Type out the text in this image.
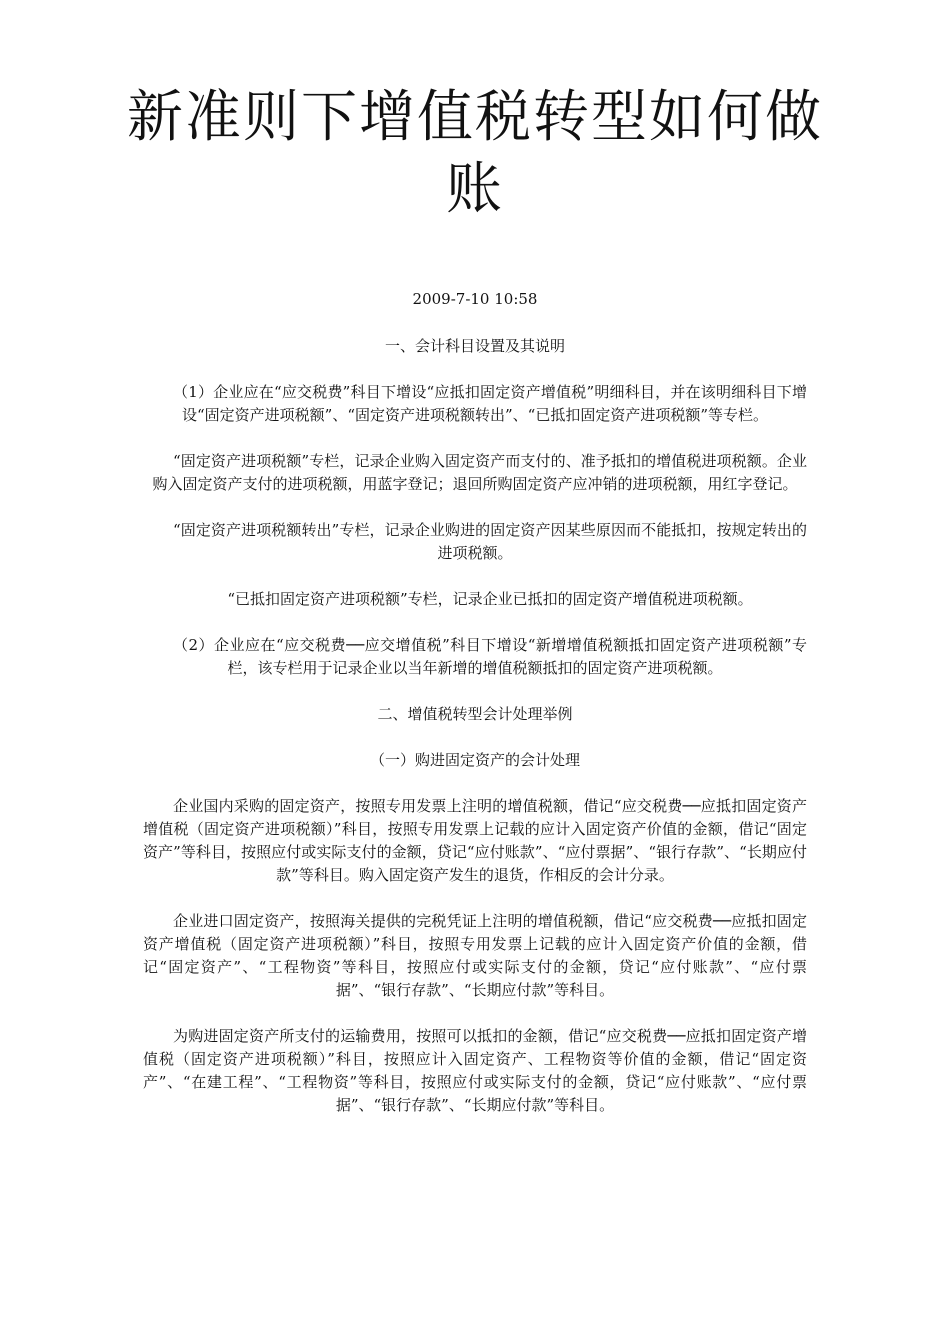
新准则下增值税转型如何做账

2009-7-10 10:58

一、会计科目设置及其说明

（1）企业应在“应交税费”科目下增设“应抵扣固定资产增值税”明细科目，并在该明细科目下增设“固定资产进项税额”、“固定资产进项税额转出”、“已抵扣固定资产进项税额”等专栏。

“固定资产进项税额”专栏，记录企业购入固定资产而支付的、准予抵扣的增值税进项税额。企业购入固定资产支付的进项税额，用蓝字登记；退回所购固定资产应冲销的进项税额，用红字登记。

“固定资产进项税额转出”专栏，记录企业购进的固定资产因某些原因而不能抵扣，按规定转出的进项税额。

“已抵扣固定资产进项税额”专栏，记录企业已抵扣的固定资产增值税进项税额。

（2）企业应在“应交税费──应交增值税”科目下增设“新增增值税额抵扣固定资产进项税额”专栏，该专栏用于记录企业以当年新增的增值税额抵扣的固定资产进项税额。

二、增值税转型会计处理举例

（一）购进固定资产的会计处理

企业国内采购的固定资产，按照专用发票上注明的增值税额，借记“应交税费──应抵扣固定资产增值税（固定资产进项税额）”科目，按照专用发票上记载的应计入固定资产价值的金额，借记“固定资产”等科目，按照应付或实际支付的金额，贷记“应付账款”、“应付票据”、“银行存款”、“长期应付款”等科目。购入固定资产发生的退货，作相反的会计分录。

企业进口固定资产，按照海关提供的完税凭证上注明的增值税额，借记“应交税费──应抵扣固定资产增值税（固定资产进项税额）”科目，按照专用发票上记载的应计入固定资产价值的金额，借记“固定资产”、“工程物资”等科目，按照应付或实际支付的金额，贷记“应付账款”、“应付票据”、“银行存款”、“长期应付款”等科目。

为购进固定资产所支付的运输费用，按照可以抵扣的金额，借记“应交税费──应抵扣固定资产增值税（固定资产进项税额）”科目，按照应计入固定资产、工程物资等价值的金额，借记“固定资产”、“在建工程”、“工程物资”等科目，按照应付或实际支付的金额，贷记“应付账款”、“应付票据”、“银行存款”、“长期应付款”等科目。
